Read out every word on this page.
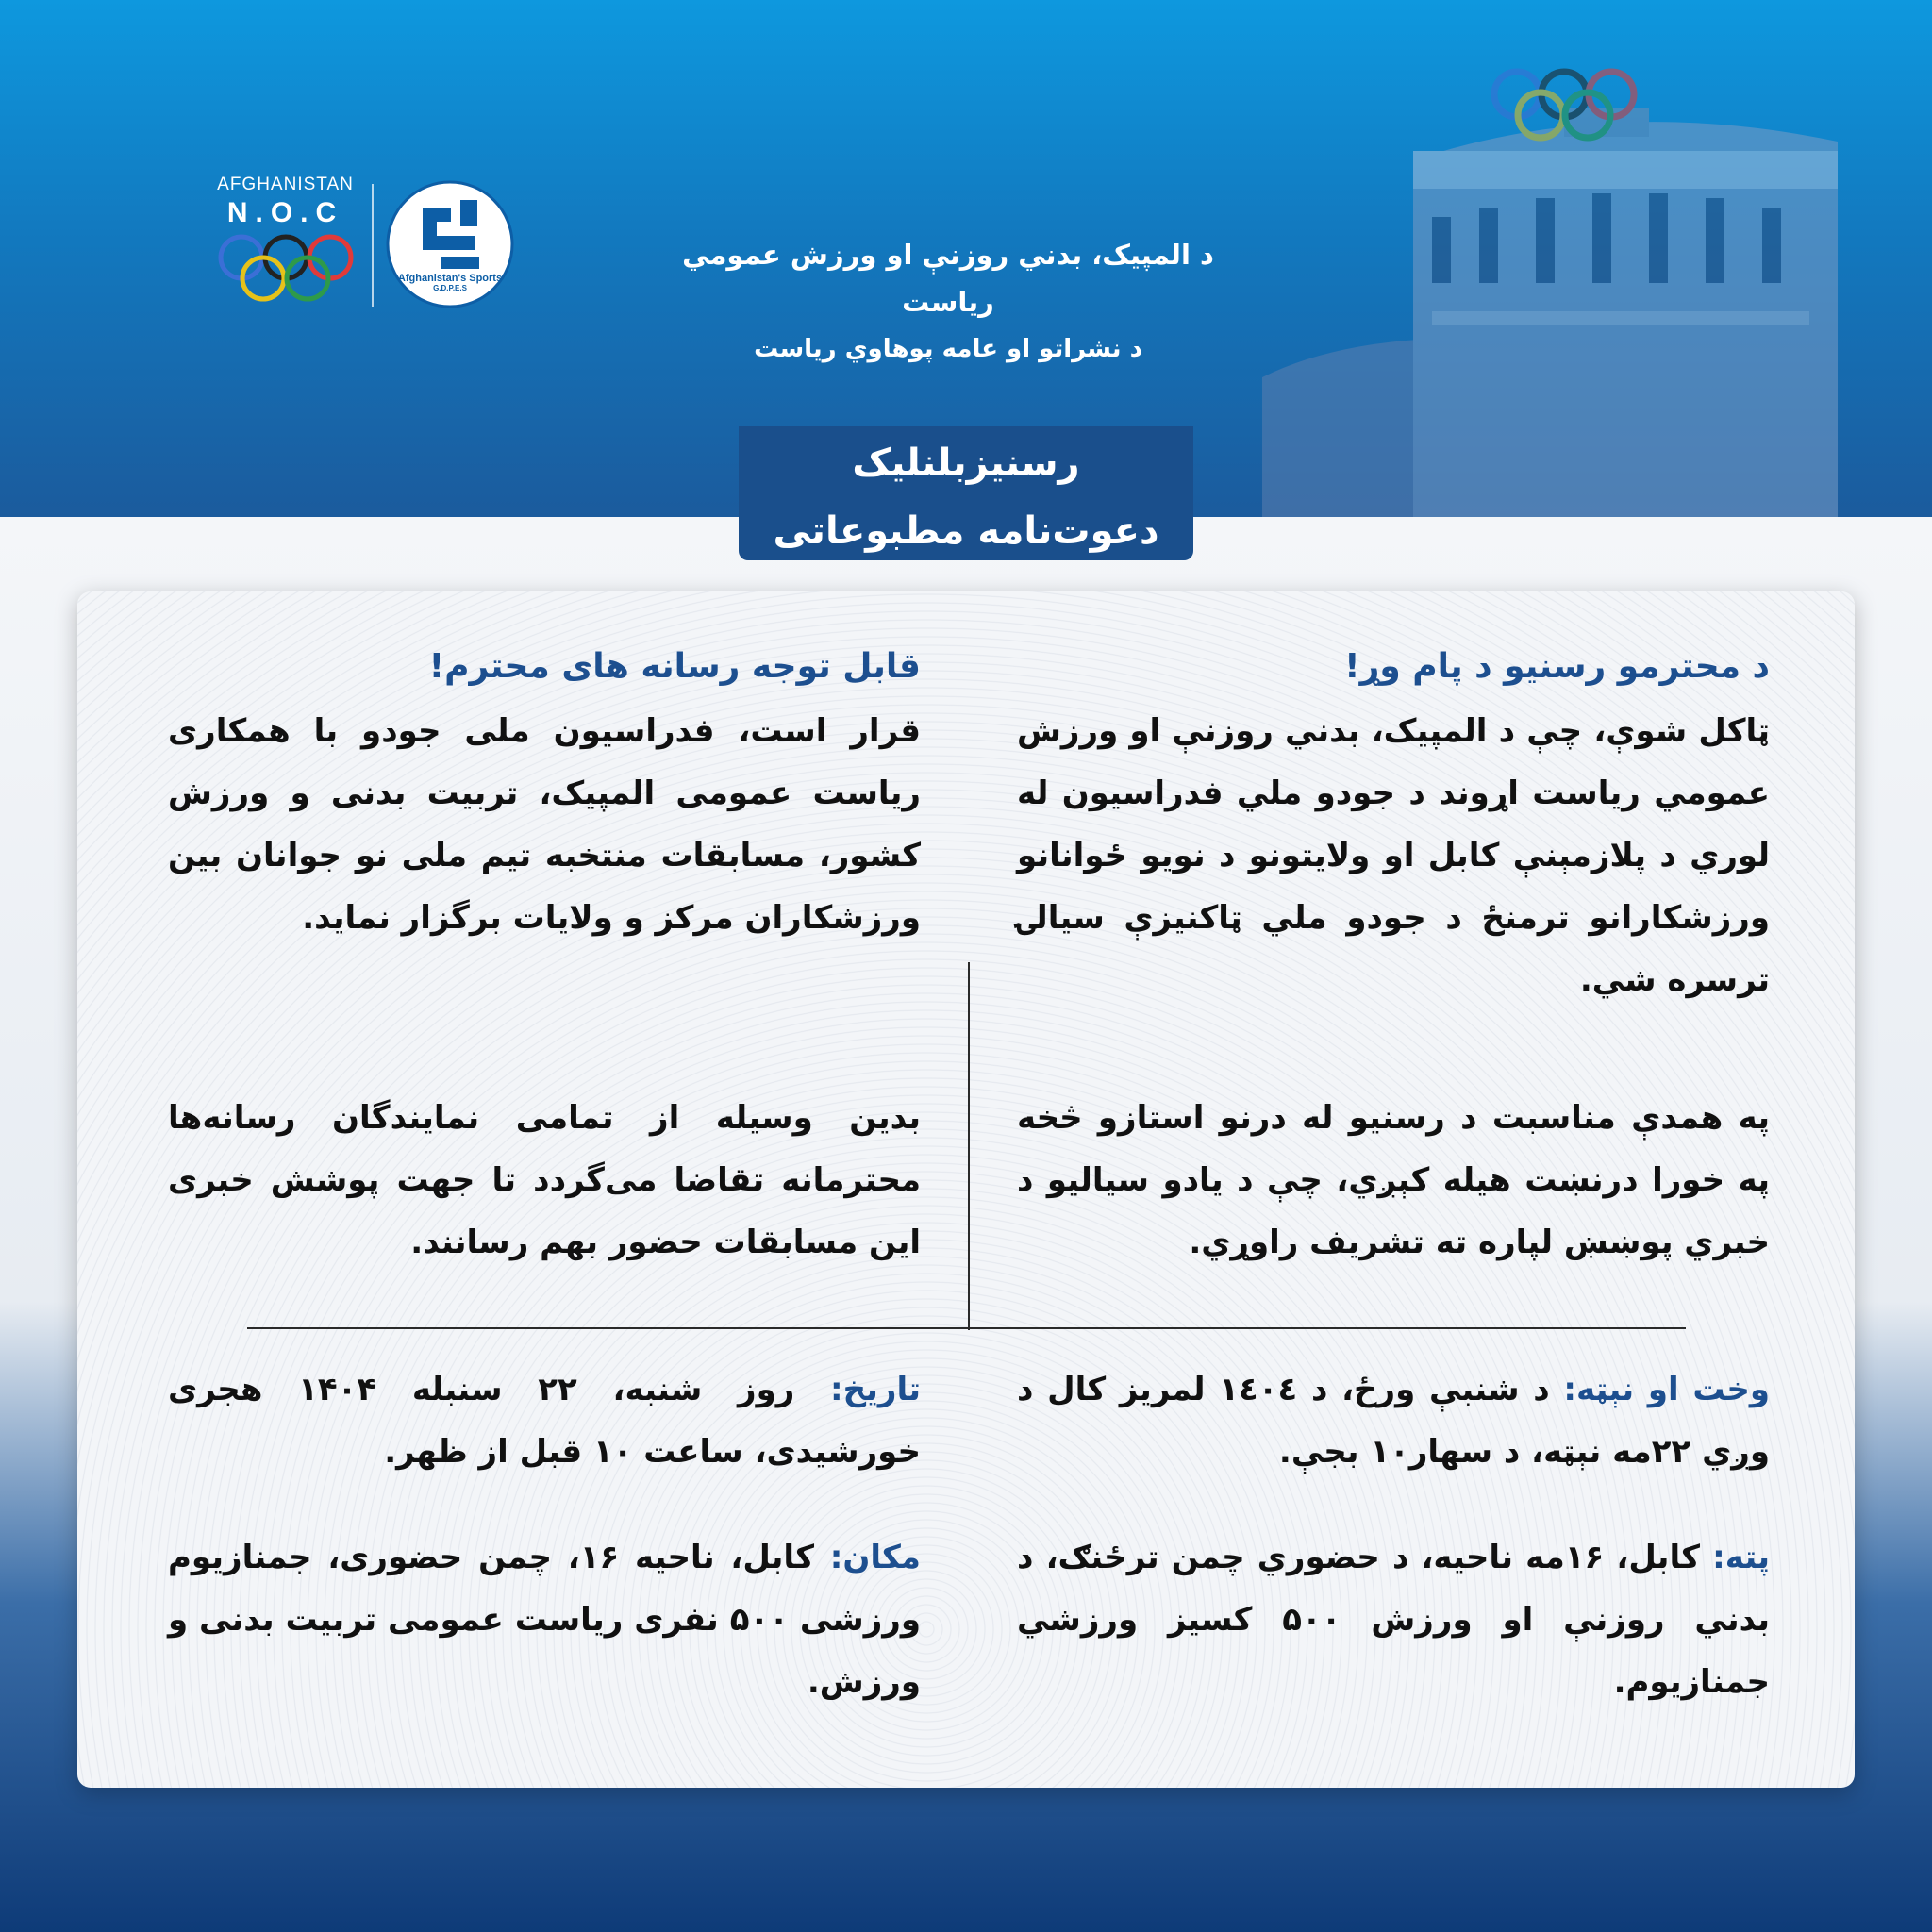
AFGHANISTAN
N.O.C
Afghanistan's Sports
G.D.P.E.S
د المپیک، بدني روزنې او ورزش عمومي ریاست
د نشراتو او عامه پوهاوي ریاست
رسنیزبلنلیک
دعوت‌نامه مطبوعاتی
د محترمو رسنیو د پام وړ!

ټاکل شوې، چې د المپیک، بدني روزنې او ورزش عمومي ریاست اړوند د جودو ملي فدراسیون له لوري د پلازمېنې کابل او ولایتونو د نویو ځوانانو ورزشکارانو ترمنځ د جودو ملي ټاکنیزې سیالۍ ترسره شي.

په همدې مناسبت د رسنیو له درنو استازو څخه په خورا درنښت هیله کېږي، چې د یادو سیالیو د خبري پوښښ لپاره ته تشریف راوړي.

وخت او نېټه: د شنبې ورځ، د ۱٤٠٤ لمریز کال د وږي ۲۲مه نېټه، د سهار۱۰ بجې.
پته: کابل، ۱۶مه ناحیه، د حضوري چمن ترځنګ، د بدني روزنې او ورزش ۵۰۰ کسیز ورزشي جمنازیوم.
قابل توجه رسانه های محترم!

قرار است، فدراسیون ملی جودو با همکاری ریاست عمومی المپیک، تربیت بدنی و ورزش کشور، مسابقات منتخبه تیم ملی نو جوانان بین ورزشکاران مرکز و ولایات برگزار نماید.

بدین وسیله از تمامی نمایندگان رسانه‌ها محترمانه تقاضا می‌گردد تا جهت پوشش خبری این مسابقات حضور بهم رسانند.

تاریخ: روز شنبه، ۲۲ سنبله ۱۴۰۴ هجری خورشیدی، ساعت ۱۰ قبل از ظهر.
مکان: کابل، ناحیه ۱۶، چمن حضوری، جمنازیوم ورزشی ۵۰۰ نفری ریاست عمومی تربیت بدنی و ورزش.
